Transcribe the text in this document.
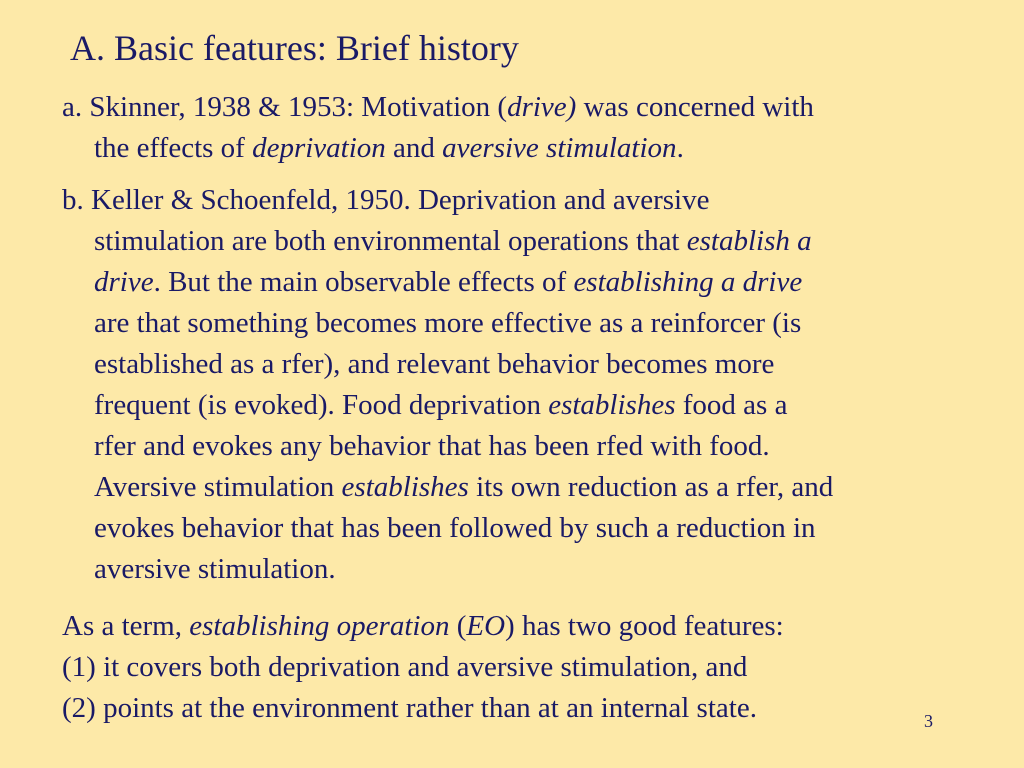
A. Basic features: Brief history
a. Skinner, 1938 & 1953: Motivation (drive) was concerned with
the effects of deprivation and aversive stimulation.
b. Keller & Schoenfeld, 1950. Deprivation and aversive
stimulation are both environmental operations that establish a
drive. But the main observable effects of establishing a drive
are that something becomes more effective as a reinforcer (is
established as a rfer), and relevant behavior becomes more
frequent (is evoked). Food deprivation establishes food as a
rfer and evokes any behavior that has been rfed with food.
Aversive stimulation establishes its own reduction as a rfer, and
evokes behavior that has been followed by such a reduction in
aversive stimulation.
As a term, establishing operation (EO) has two good features:
(1) it covers both deprivation and aversive stimulation, and
(2) points at the environment rather than at an internal state.	3
